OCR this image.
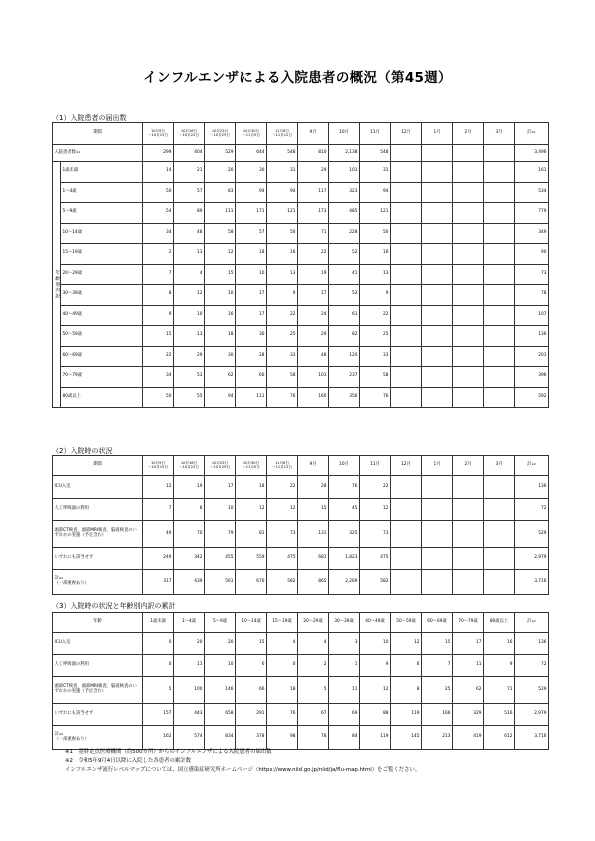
インフルエンザによる入院患者の概況（第45週）
（1）入院患者の届出数
期間		10月9日
～10月15日	10月16日
～10月22日	10月23日
～10月29日	10月30日
～11月5日	11月6日
～11月12日	9月	10月	11月	12月	1月	2月	3月	計※1
入院患者数※1		299	404	529	644	548	810	2,138	548					3,496
年齢別内訳	1歳未満	14	21	20	30	31	29	101	31					161
	1～4歳	50	57	83	94	94	117	323	94					534
	5～9歳	54	89	111	171	121	173	485	121					779
	10～14歳	34	48	58	57	50	71	228	50					349
	15～19歳	2	13	12	18	16	22	52	16					90
	20～29歳	7	4	15	10	13	19	41	13					73
	30～39歳	8	12	10	17	9	17	52	9					78
	40～49歳	9	10	16	17	22	24	61	22					107
	50～59歳	15	13	18	30	25	29	82	25					136
	60～69歳	22	29	30	28	33	48	120	33					201
	70～79歳	34	53	62	60	58	101	237	58					396
	80歳以上	50	55	94	111	76	160	356	76					592
（2）入院時の状況
期間	10月9日
～10月15日	10月16日
～10月22日	10月23日
～10月29日	10月30日
～11月5日	11月6日
～11月12日	9月	10月	11月	12月	1月	2月	3月	計※2
ICU入室	12	19	17	18	22	28	76	22					136
人工呼吸器の利用	7	8	10	12	12	15	45	12					72
頭部CT検査、頭部MRI検査、脳波検査のいずれかの実施（予定含む）	49	70	79	81	73	131	325	73					529
いずれにも該当せず	249	342	455	559	475	681	1,823	475					2,979
計※2
（一部重複あり）	317	439	561	670	582	865	2,269	582					3,716
（3）入院時の状況と年齢別内訳の累計
年齢	1歳未満	1～4歳	5～9歳	10～14歳	15～19歳	20～29歳	30～39歳	40～49歳	50～59歳	60～69歳	70～79歳	80歳以上	計※2
ICU入室	0	20	20	15	4	4	3	10	12	15	17	16	136
人工呼吸器の利用	0	11	10	6	0	2	1	9	6	7	11	9	72
頭部CT検査、頭部MRI検査、脳波検査のいずれかの実施（予定含む）	5	100	146	66	18	5	11	12	8	25	62	71	529
いずれにも該当せず	157	443	658	291	76	67	69	88	119	166	329	516	2,979
計※2
（一部重複あり）	162	574	834	378	98	78	84	119	145	213	419	612	3,716
※1　基幹定点医療機関（約500カ所）からのインフルエンザによる入院患者の届出数
※2　令和5年9月4日以降に入院した各患者の累計数
インフルエンザ流行レベルマップについては、国立感染症研究所ホームページ（https://www.niid.go.jp/niid/ja/flu-map.html）をご覧ください。
